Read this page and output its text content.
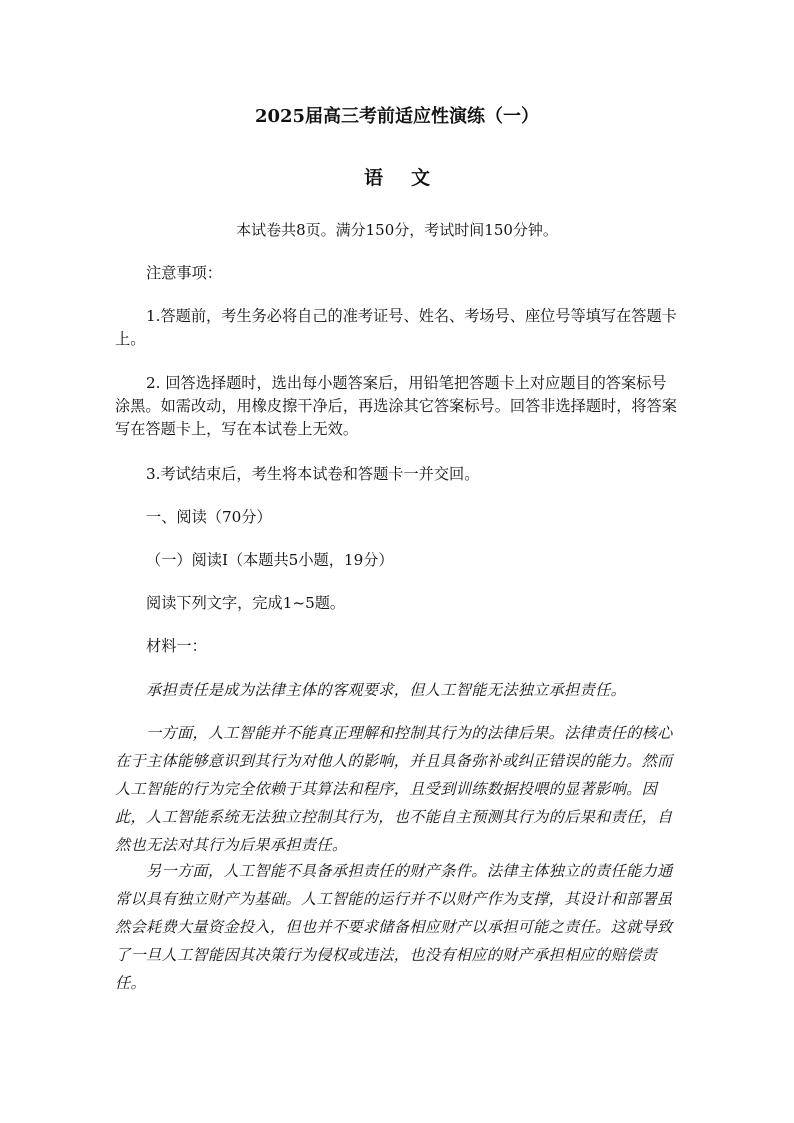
2025届高三考前适应性演练（一）
语文
本试卷共8页。满分150分，考试时间150分钟。
注意事项：
1.答题前，考生务必将自己的准考证号、姓名、考场号、座位号等填写在答题卡上。
2. 回答选择题时，选出每小题答案后，用铅笔把答题卡上对应题目的答案标号涂黑。如需改动，用橡皮擦干净后，再选涂其它答案标号。回答非选择题时，将答案写在答题卡上，写在本试卷上无效。
3.考试结束后，考生将本试卷和答题卡一并交回。
一、阅读（70分）
（一）阅读Ⅰ（本题共5小题，19分）
阅读下列文字，完成1~5题。
材料一：
承担责任是成为法律主体的客观要求，但人工智能无法独立承担责任。
一方面，人工智能并不能真正理解和控制其行为的法律后果。法律责任的核心在于主体能够意识到其行为对他人的影响，并且具备弥补或纠正错误的能力。然而人工智能的行为完全依赖于其算法和程序，且受到训练数据投喂的显著影响。因此，人工智能系统无法独立控制其行为，也不能自主预测其行为的后果和责任，自然也无法对其行为后果承担责任。
另一方面，人工智能不具备承担责任的财产条件。法律主体独立的责任能力通常以具有独立财产为基础。人工智能的运行并不以财产作为支撑，其设计和部署虽然会耗费大量资金投入，但也并不要求储备相应财产以承担可能之责任。这就导致了一旦人工智能因其决策行为侵权或违法，也没有相应的财产承担相应的赔偿责任。
